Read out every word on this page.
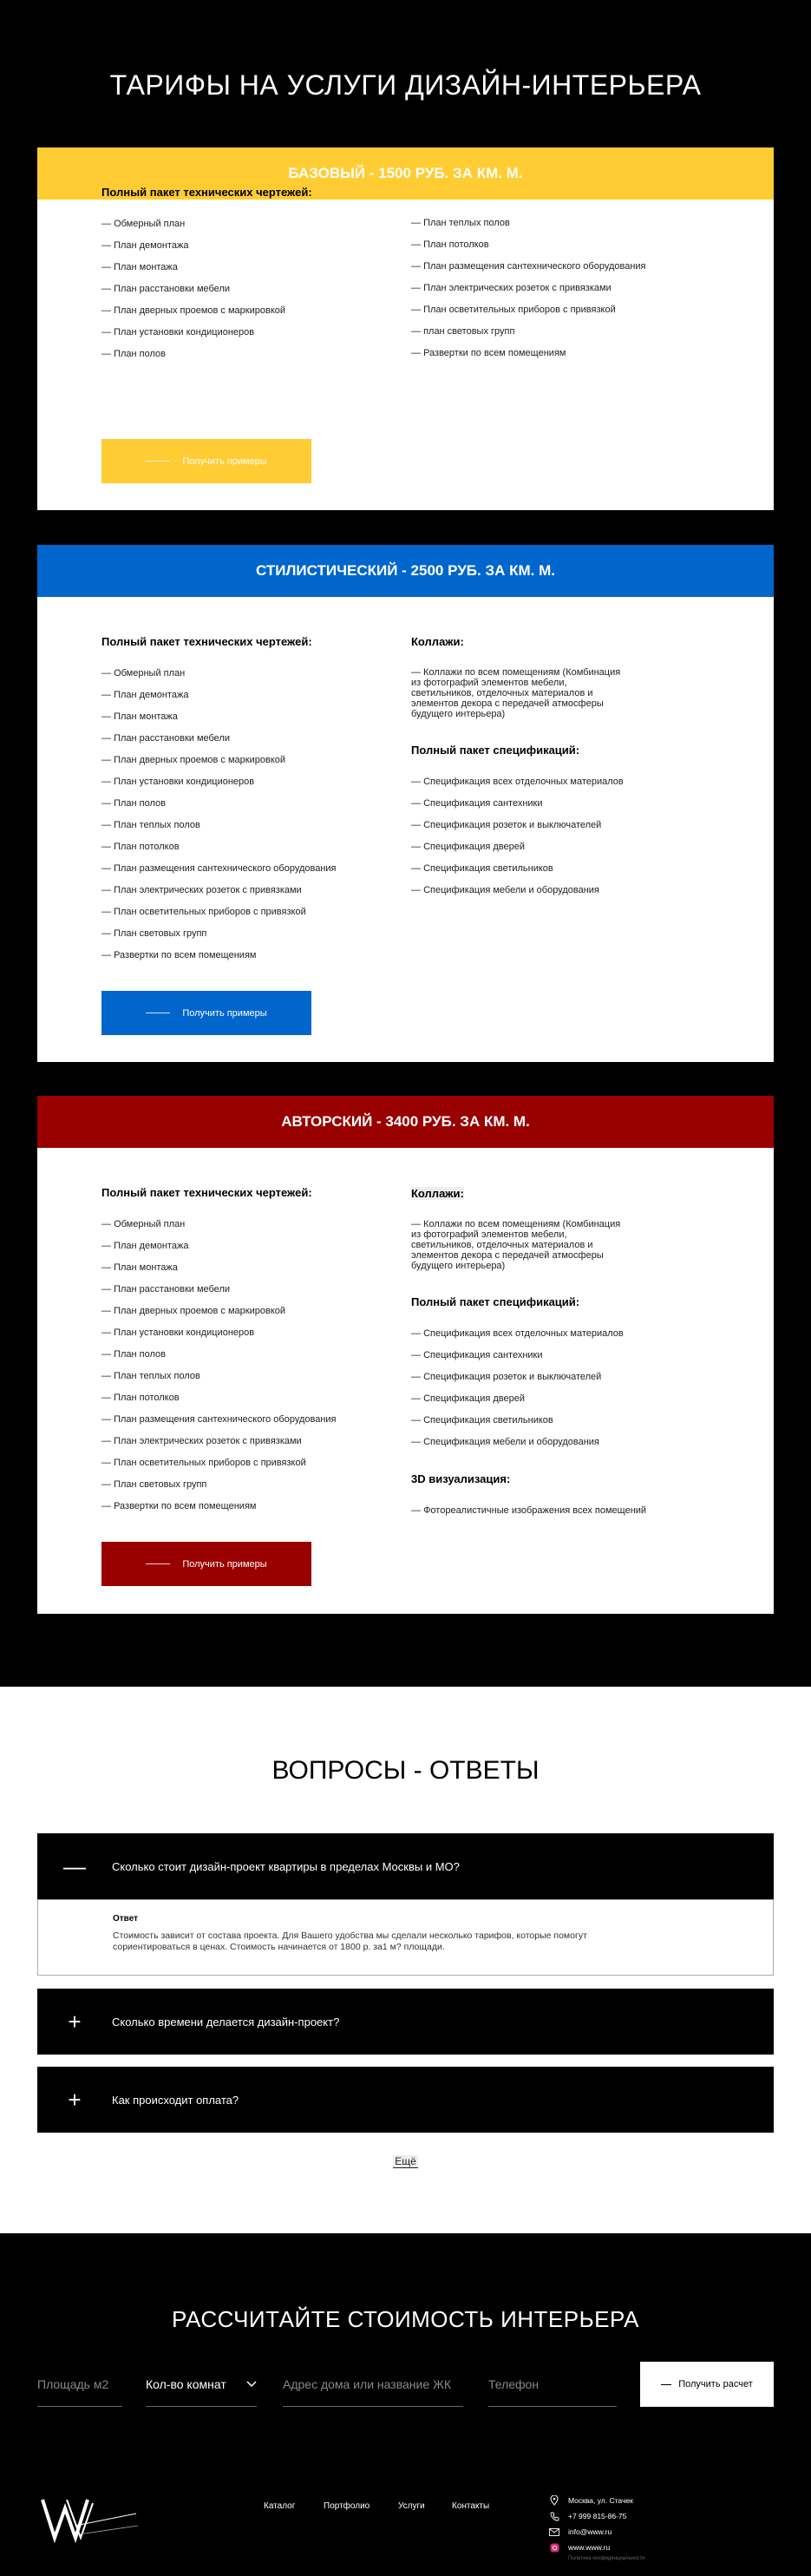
ТАРИФЫ НА УСЛУГИ ДИЗАЙН-ИНТЕРЬЕРА
БАЗОВЫЙ - 1500 РУБ. ЗА КМ. М.
Полный пакет технических чертежей:
— Обмерный план
— План демонтажа
— План монтажа
— План расстановки мебели
— План дверных проемов с маркировкой
— План установки кондиционеров
— План полов
— План теплых полов
— План потолков
— План размещения сантехнического оборудования
— План электрических розеток с привязками
— План осветительных приборов с привязкой
— план световых групп
— Развертки по всем помещениям
Получить примеры
СТИЛИСТИЧЕСКИЙ - 2500 РУБ. ЗА КМ. М.
Полный пакет технических чертежей:
— Обмерный план
— План демонтажа
— План монтажа
— План расстановки мебели
— План дверных проемов с маркировкой
— План установки кондиционеров
— План полов
— План теплых полов
— План потолков
— План размещения сантехнического оборудования
— План электрических розеток с привязками
— План осветительных приборов с привязкой
— План световых групп
— Развертки по всем помещениям
Коллажи:
— Коллажи по всем помещениям (Комбинация из фотографий элементов мебели, светильников, отделочных материалов и элементов декора с передачей атмосферы будущего интерьера)
Полный пакет спецификаций:
— Спецификация всех отделочных материалов
— Спецификация сантехники
— Спецификация розеток и выключателей
— Спецификация дверей
— Спецификация светильников
— Спецификация мебели и оборудования
Получить примеры
АВТОРСКИЙ - 3400 РУБ. ЗА КМ. М.
Полный пакет технических чертежей:
— Обмерный план
— План демонтажа
— План монтажа
— План расстановки мебели
— План дверных проемов с маркировкой
— План установки кондиционеров
— План полов
— План теплых полов
— План потолков
— План размещения сантехнического оборудования
— План электрических розеток с привязками
— План осветительных приборов с привязкой
— План световых групп
— Развертки по всем помещениям
Коллажи:
— Коллажи по всем помещениям (Комбинация из фотографий элементов мебели, светильников, отделочных материалов и элементов декора с передачей атмосферы будущего интерьера)
Полный пакет спецификаций:
— Спецификация всех отделочных материалов
— Спецификация сантехники
— Спецификация розеток и выключателей
— Спецификация дверей
— Спецификация светильников
— Спецификация мебели и оборудования
3D визуализация:
— Фотореалистичные изображения всех помещений
Получить примеры
ВОПРОСЫ - ОТВЕТЫ
—	Сколько стоит дизайн-проект квартиры в пределах Москвы и МО?
Ответ
Стоимость зависит от состава проекта. Для Вашего удобства мы сделали несколько тарифов, которые помогут сориентироваться в ценах. Стоимость начинается от 1800 р. за1 м? площади.
+	Сколько времени делается дизайн-проект?
+	Как происходит оплата?
Ещё
РАССЧИТАЙТЕ СТОИМОСТЬ ИНТЕРЬЕРА
Площадь м2	Кол-во комнат	Адрес дома или название ЖК	Телефон	Получить расчет
Каталог	Портфолио	Услуги	Контакты
Москва, ул. Стачек
+7 999 815-86-75
info@www.ru
www.www.ru
Политика конфиденциальности
